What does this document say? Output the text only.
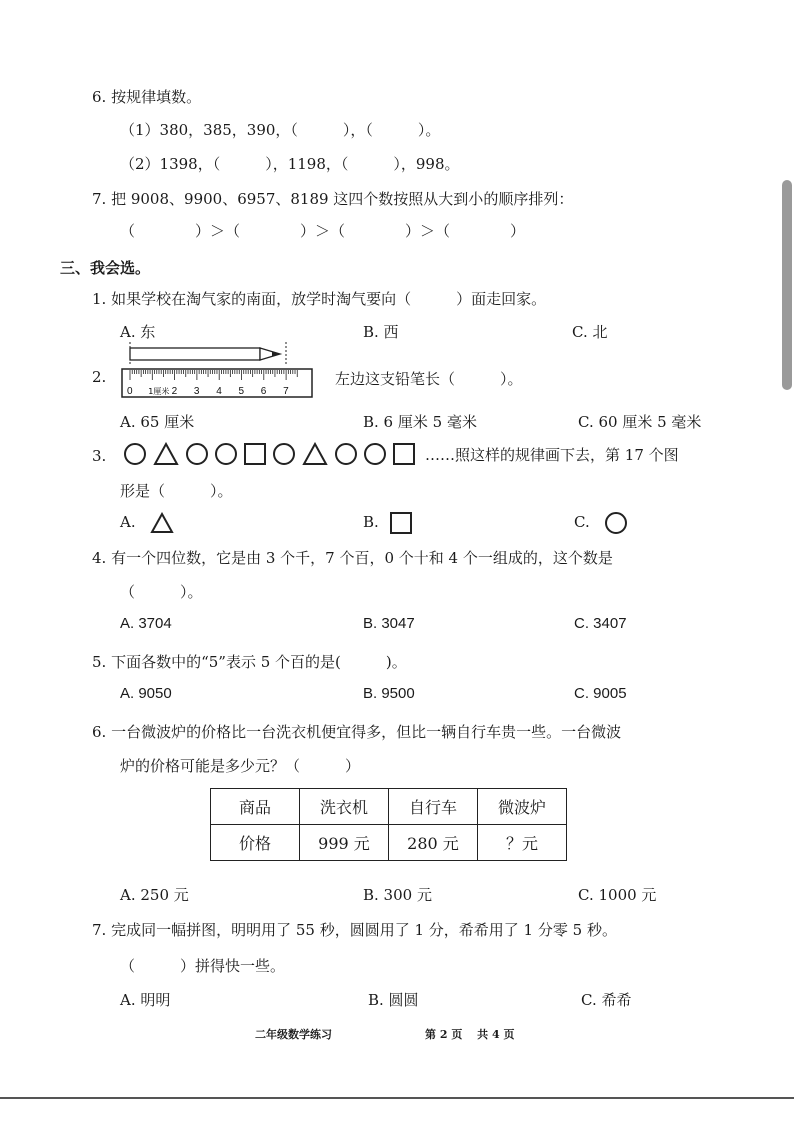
6. 按规律填数。
（1）380，385，390，（　　　），（　　　）。
（2）1398，（　　　），1198，（　　　），998。
7. 把 9008、9900、6957、8189 这四个数按照从大到小的顺序排列：
（　　　　）＞（　　　　）＞（　　　　）＞（　　　　）
三、我会选。
1. 如果学校在淘气家的南面，放学时淘气要向（　　　）面走回家。
A. 东	B. 西	C. 北
2.
0	2 3 4 5 6 7
1厘米
左边这支铅笔长（　　　）。
A. 65 厘米	B. 6 厘米 5 毫米	C. 60 厘米 5 毫米
3.	……照这样的规律画下去，第 17 个图
形是（　　　）。
A.	B.	C.
4. 有一个四位数，它是由 3 个千，7 个百，0 个十和 4 个一组成的，这个数是
（　　　）。
A. 3704	B. 3047	C. 3407
5. 下面各数中的“5”表示 5 个百的是(　　　)。
A. 9050	B. 9500	C. 9005
6. 一台微波炉的价格比一台洗衣机便宜得多，但比一辆自行车贵一些。一台微波
炉的价格可能是多少元？（　　　）
商品	洗衣机	自行车	微波炉
价格	999 元	280 元	？元
A. 250 元	B. 300 元	C. 1000 元
7. 完成同一幅拼图，明明用了 55 秒，圆圆用了 1 分，希希用了 1 分零 5 秒。
（　　　）拼得快一些。
A. 明明	B. 圆圆	C. 希希
二年级数学练习	第 2 页　 共 4 页
